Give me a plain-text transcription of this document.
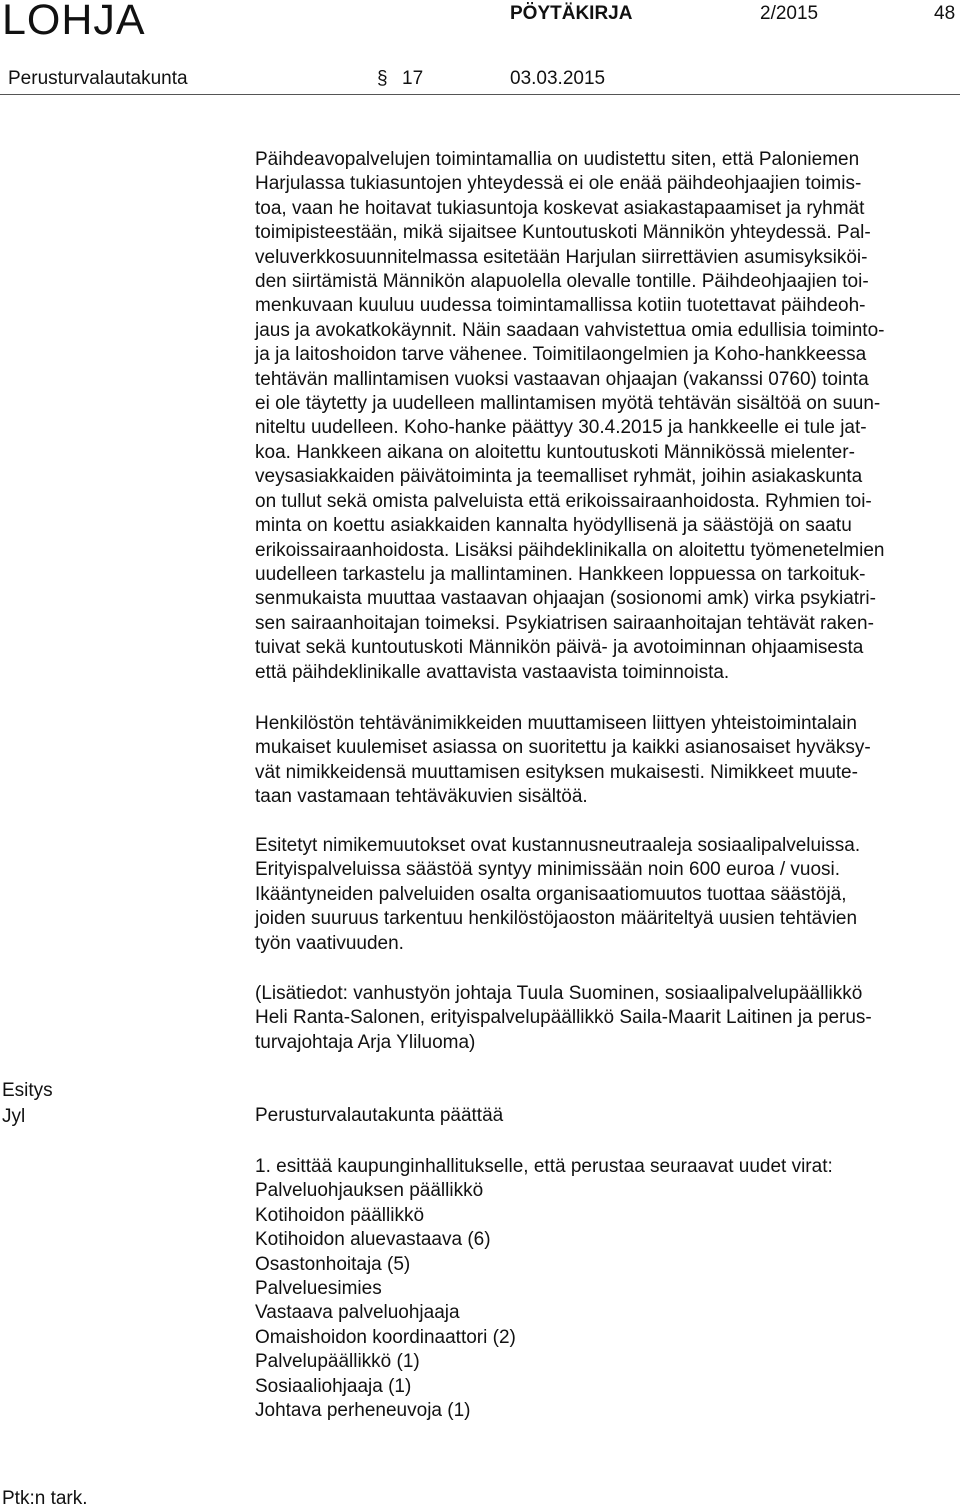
LOHJA	PÖYTÄKIRJA	2/2015	48
Perusturvalautakunta	§ 17	03.03.2015
Päihdeavopalvelujen toimintamallia on uudistettu siten, että Paloniemen
Harjulassa tukiasuntojen yhteydessä ei ole enää päihdeohjaajien toimis-
toa, vaan he hoitavat tukiasuntoja koskevat asiakastapaamiset ja ryhmät
toimipisteestään, mikä sijaitsee Kuntoutuskoti Männikön yhteydessä. Pal-
veluverkkosuunnitelmassa esitetään Harjulan siirrettävien asumisyksiköi-
den siirtämistä Männikön alapuolella olevalle tontille. Päihdeohjaajien toi-
menkuvaan kuuluu uudessa toimintamallissa kotiin tuotettavat päihdeoh-
jaus ja avokatkokäynnit. Näin saadaan vahvistettua omia edullisia toiminto-
ja ja laitoshoidon tarve vähenee. Toimitilaongelmien ja Koho-hankkeessa
tehtävän mallintamisen vuoksi vastaavan ohjaajan (vakanssi 0760) tointa
ei ole täytetty ja uudelleen mallintamisen myötä tehtävän sisältöä on suun-
niteltu uudelleen. Koho-hanke päättyy 30.4.2015 ja hankkeelle ei tule jat-
koa. Hankkeen aikana on aloitettu kuntoutuskoti Männikössä mielenter-
veysasiakkaiden päivätoiminta ja teemalliset ryhmät, joihin asiakaskunta
on tullut sekä omista palveluista että erikoissairaanhoidosta. Ryhmien toi-
minta on koettu asiakkaiden kannalta hyödyllisenä ja säästöjä on saatu
erikoissairaanhoidosta. Lisäksi päihdeklinikalla on aloitettu työmenetelmien
uudelleen tarkastelu ja mallintaminen. Hankkeen loppuessa on tarkoituk-
senmukaista muuttaa vastaavan ohjaajan (sosionomi amk) virka psykiatri-
sen sairaanhoitajan toimeksi. Psykiatrisen sairaanhoitajan tehtävät raken-
tuivat sekä kuntoutuskoti Männikön päivä- ja avotoiminnan ohjaamisesta
että päihdeklinikalle avattavista vastaavista toiminnoista.
Henkilöstön tehtävänimikkeiden muuttamiseen liittyen yhteistoimintalain
mukaiset kuulemiset asiassa on suoritettu ja kaikki asianosaiset hyväksy-
vät nimikkeidensä muuttamisen esityksen mukaisesti. Nimikkeet muute-
taan vastamaan tehtäväkuvien sisältöä.
Esitetyt nimikemuutokset ovat kustannusneutraaleja sosiaalipalveluissa.
Erityispalveluissa säästöä syntyy minimissään noin 600 euroa / vuosi.
Ikääntyneiden palveluiden osalta organisaatiomuutos tuottaa säästöjä,
joiden suuruus tarkentuu henkilöstöjaoston määriteltyä uusien tehtävien
työn vaativuuden.
(Lisätiedot: vanhustyön johtaja Tuula Suominen, sosiaalipalvelupäällikkö
Heli Ranta-Salonen, erityispalvelupäällikkö Saila-Maarit Laitinen ja perus-
turvajohtaja Arja Yliluoma)
Esitys
Jyl	Perusturvalautakunta päättää
1. esittää kaupunginhallitukselle, että perustaa seuraavat uudet virat:
Palveluohjauksen päällikkö
Kotihoidon päällikkö
Kotihoidon aluevastaava (6)
Osastonhoitaja (5)
Palveluesimies
Vastaava palveluohjaaja
Omaishoidon koordinaattori (2)
Palvelupäällikkö (1)
Sosiaaliohjaaja (1)
Johtava perheneuvoja (1)
Ptk:n tark.
